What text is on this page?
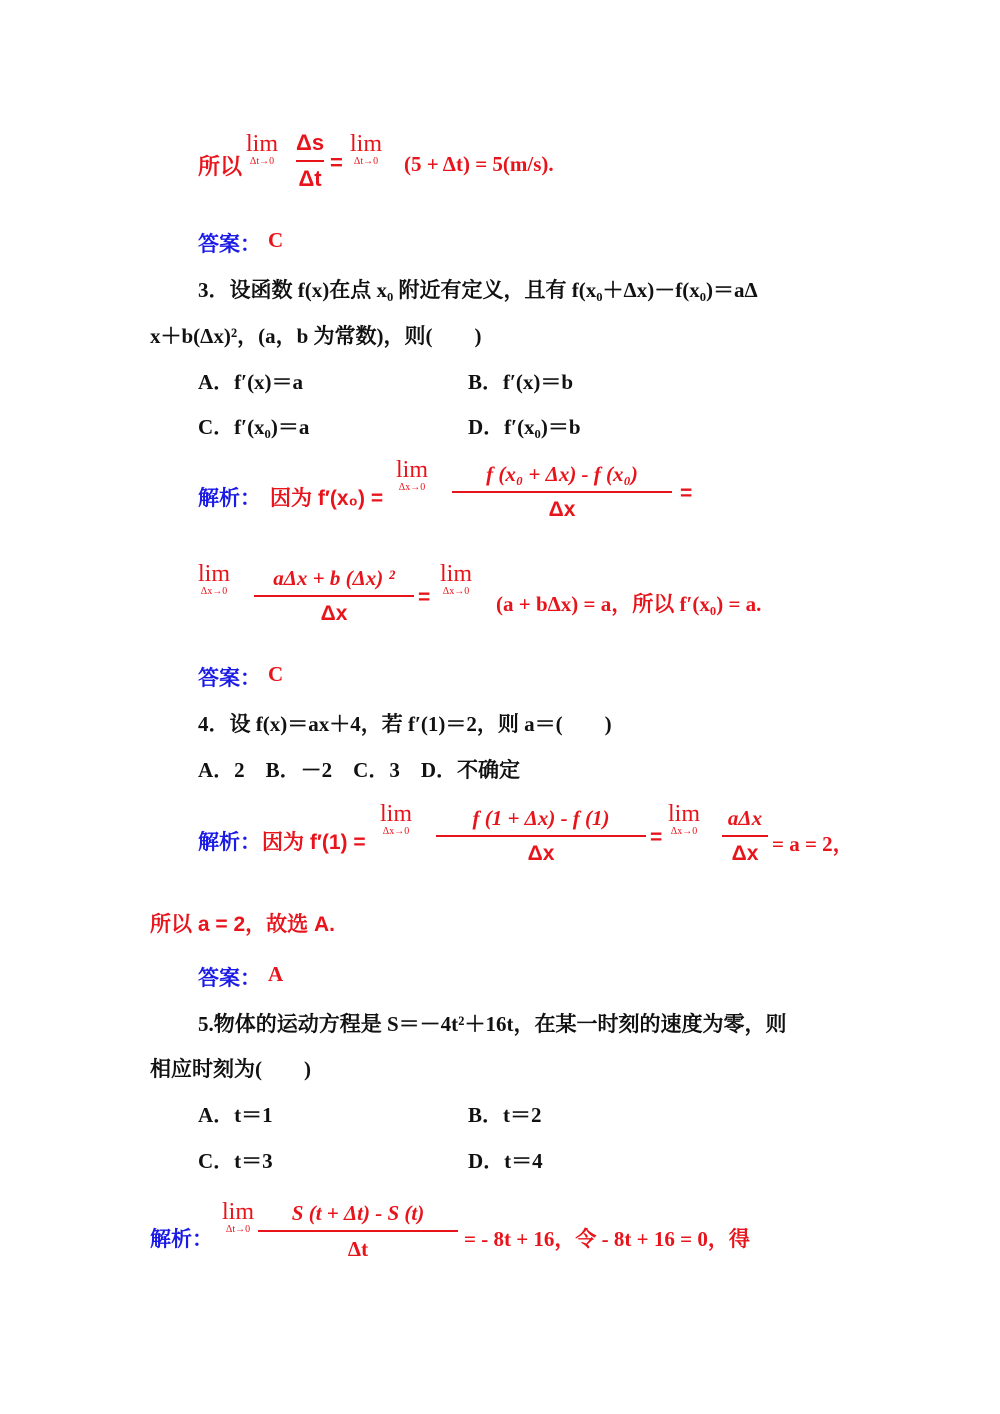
所以
lim
Δt→0
Δs
Δt
=
lim
Δt→0 (5 + Δt) = 5(m/s).
答案： C
3．设函数 f(x)在点 x₀ 附近有定义，且有 f(x₀＋Δx)－f(x₀)＝aΔ
x＋b(Δx)²，(a，b 为常数)，则(　　)
A．f′(x)＝a	B．f′(x)＝b
C．f′(x₀)＝a	D．f′(x₀)＝b
解析： 因为 f′(x₀) =
lim
Δx→0
f (x₀ + Δx) - f (x₀)
Δx
=
lim
Δx→0
aΔx + b (Δx) ²
Δx
=
lim
Δx→0
(a + bΔx) = a，所以 f′(x₀) = a.
答案： C
4．设 f(x)＝ax＋4，若 f′(1)＝2，则 a＝(　　)
A．2　B．－2　C．3　D．不确定
解析： 因为 f′(1) =
lim
Δx→0
f (1 + Δx) - f (1)
Δx
=
lim
Δx→0
aΔx
Δx = a = 2，
所以 a = 2，故选 A.
答案： A
5.物体的运动方程是 S＝－4t²＋16t，在某一时刻的速度为零，则
相应时刻为(　　)
A．t＝1	B．t＝2
C．t＝3	D．t＝4
解析：
lim
Δt→0
S (t + Δt) - S (t)
Δt	= - 8t + 16，令 - 8t + 16 = 0，得
